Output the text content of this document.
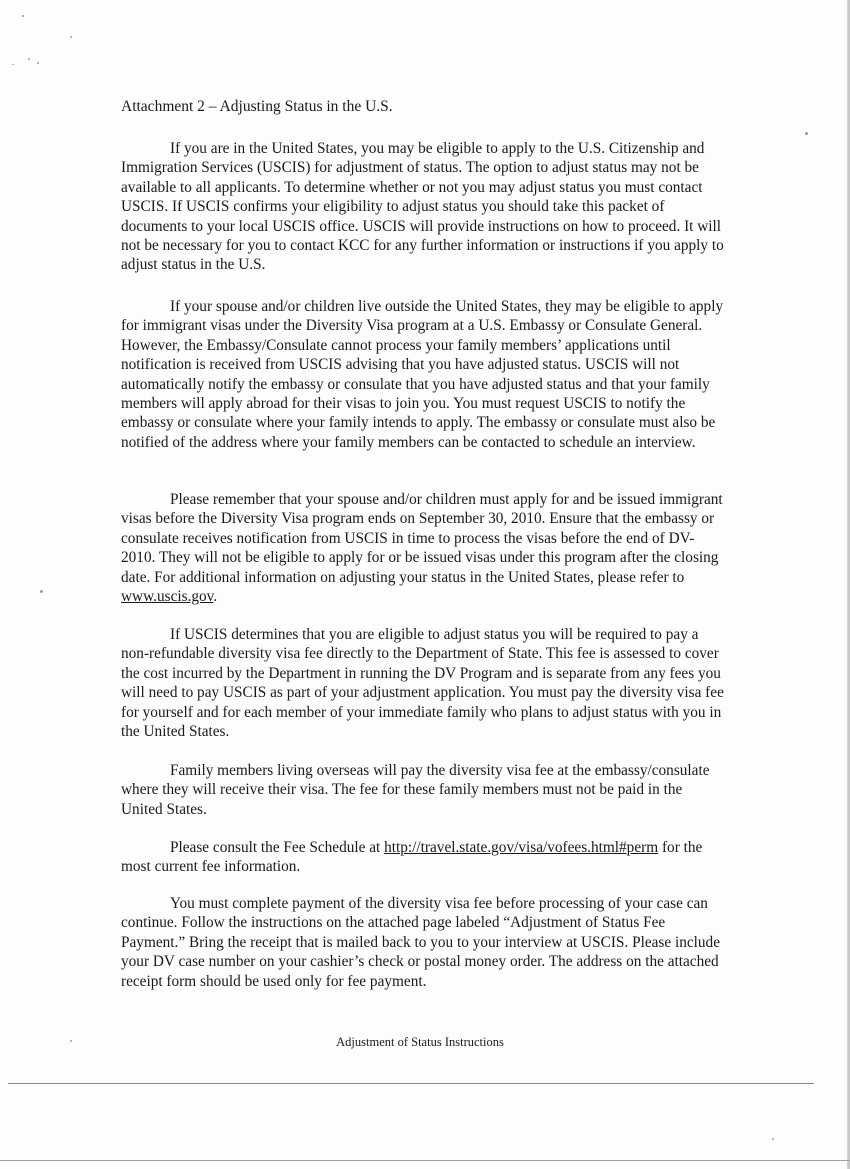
Attachment 2 – Adjusting Status in the U.S.

If you are in the United States, you may be eligible to apply to the U.S. Citizenship and Immigration Services (USCIS) for adjustment of status. The option to adjust status may not be available to all applicants. To determine whether or not you may adjust status you must contact USCIS. If USCIS confirms your eligibility to adjust status you should take this packet of documents to your local USCIS office. USCIS will provide instructions on how to proceed. It will not be necessary for you to contact KCC for any further information or instructions if you apply to adjust status in the U.S.

If your spouse and/or children live outside the United States, they may be eligible to apply for immigrant visas under the Diversity Visa program at a U.S. Embassy or Consulate General. However, the Embassy/Consulate cannot process your family members’ applications until notification is received from USCIS advising that you have adjusted status. USCIS will not automatically notify the embassy or consulate that you have adjusted status and that your family members will apply abroad for their visas to join you. You must request USCIS to notify the embassy or consulate where your family intends to apply. The embassy or consulate must also be notified of the address where your family members can be contacted to schedule an interview.

Please remember that your spouse and/or children must apply for and be issued immigrant visas before the Diversity Visa program ends on September 30, 2010. Ensure that the embassy or consulate receives notification from USCIS in time to process the visas before the end of DV-2010. They will not be eligible to apply for or be issued visas under this program after the closing date. For additional information on adjusting your status in the United States, please refer to www.uscis.gov.

If USCIS determines that you are eligible to adjust status you will be required to pay a non-refundable diversity visa fee directly to the Department of State. This fee is assessed to cover the cost incurred by the Department in running the DV Program and is separate from any fees you will need to pay USCIS as part of your adjustment application. You must pay the diversity visa fee for yourself and for each member of your immediate family who plans to adjust status with you in the United States.

Family members living overseas will pay the diversity visa fee at the embassy/consulate where they will receive their visa. The fee for these family members must not be paid in the United States.

Please consult the Fee Schedule at http://travel.state.gov/visa/vofees.html#perm for the most current fee information.

You must complete payment of the diversity visa fee before processing of your case can continue. Follow the instructions on the attached page labeled “Adjustment of Status Fee Payment.” Bring the receipt that is mailed back to you to your interview at USCIS. Please include your DV case number on your cashier’s check or postal money order. The address on the attached receipt form should be used only for fee payment.

Adjustment of Status Instructions
